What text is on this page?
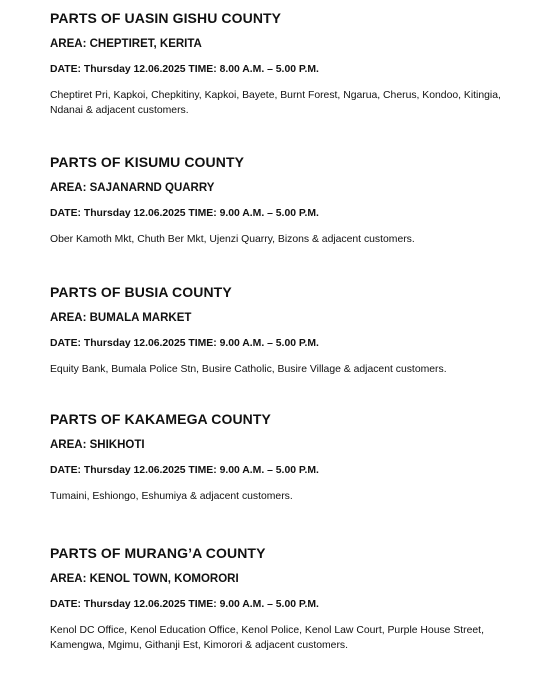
PARTS OF UASIN GISHU COUNTY
AREA: CHEPTIRET, KERITA
DATE: Thursday 12.06.2025 TIME: 8.00 A.M. – 5.00 P.M.
Cheptiret Pri, Kapkoi, Chepkitiny, Kapkoi, Bayete, Burnt Forest, Ngarua, Cherus, Kondoo, Kitingia, Ndanai & adjacent customers.
PARTS OF KISUMU COUNTY
AREA: SAJANARND QUARRY
DATE: Thursday 12.06.2025 TIME: 9.00 A.M. – 5.00 P.M.
Ober Kamoth Mkt, Chuth Ber Mkt, Ujenzi Quarry, Bizons & adjacent customers.
PARTS OF BUSIA COUNTY
AREA: BUMALA MARKET
DATE: Thursday 12.06.2025 TIME: 9.00 A.M. – 5.00 P.M.
Equity Bank, Bumala Police Stn, Busire Catholic, Busire Village & adjacent customers.
PARTS OF KAKAMEGA COUNTY
AREA: SHIKHOTI
DATE: Thursday 12.06.2025 TIME: 9.00 A.M. – 5.00 P.M.
Tumaini, Eshiongo, Eshumiya & adjacent customers.
PARTS OF MURANG’A COUNTY
AREA: KENOL TOWN, KOMORORI
DATE: Thursday 12.06.2025 TIME: 9.00 A.M. – 5.00 P.M.
Kenol DC Office, Kenol Education Office, Kenol Police, Kenol Law Court, Purple House Street, Kamengwa, Mgimu, Githanji Est, Kimorori & adjacent customers.
